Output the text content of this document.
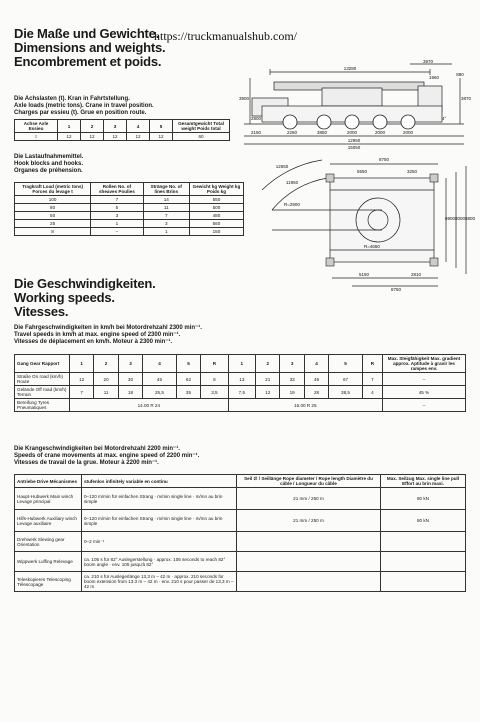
https://truckmanualshub.com/
Die Maße und Gewichte.
Dimensions and weights.
Encombrement et poids.
Die Achslasten (t). Kran in Fahrtstellung.
Axle loads (metric tons). Crane in travel position.
Charges par essieu (t). Grue en position route.
Achse Axle Essieu	1	2	3	4	5	Gesamtgewicht Total weight Poids total
t	12	12	12	12	12	60
Die Lastaufnahmemittel.
Hook blocks and hooks.
Organes de préhension.
Tragkraft Load (metric tons) Forces du levage t	Rollen No. of sheaves Poulies	Stränge No. of lines Brins	Gewicht kg Weight kg Poids kg
100	7	14	550
80	5	11	500
50	3	7	480
25	1	3	560
8	–	1	150
13280
3970
1960
880
2800
2150	2260	3850	2000	2000	2000
3900
12950
15050
4°
3870
12650
8750
5550	3250
11950
R=2900
R=4650
8800
8000
6900
5150	2810
8750
Die Geschwindigkeiten.
Working speeds.
Vitesses.
Die Fahrgeschwindigkeiten in km/h bei Motordrehzahl 2300 min⁻¹.
Travel speeds in km/h at max. engine speed of 2300 min⁻¹.
Vitesses de déplacement en km/h. Moteur à 2300 min⁻¹.
Gang Gear Rapport	1	2	3	4	5	R	1	2	3	4	5	R	Max. Steigfähigkeit Max. gradient approx. Aptitude à gravir les rampes env.
Straße On road (km/h) Route	12	20	30	45	62	6	13	21	33	49	67	7	–
Gelände Off road (km/h) Terrain	7	11	18	25,5	35	3,5	7,5	12	19	28	38,5	4	45 %
Bereifung Tyres Pneumatiques	14.00 R 24						16.00 R 25						–
Die Krangeschwindigkeiten bei Motordrehzahl 2200 min⁻¹.
Speeds of crane movements at max. engine speed of 2200 min⁻¹.
Vitesses de travail de la grue. Moteur à 2200 min⁻¹.
Antriebe Drive Mécanismes	stufenlos infinitely variable en continu	Seil ∅ / Seillänge Rope diameter / Rope length Diamètre du câble / Longueur du câble	Max. Seilzug Max. single line pull Effort au brin maxi.
Haupt-Hubwerk Main winch Levage principal	0–120 m/min für einfachen Strang · m/min single line · m/mn au brin simple	21 mm / 250 m	80 kN
Hilfs-Hubwerk Auxiliary winch Levage auxiliaire	0–120 m/min für einfachen Strang · m/min single line · m/mn au brin simple	21 mm / 250 m	80 kN
Drehwerk Slewing gear Orientation	0–2 min⁻¹		
Wippwerk Luffing Relevage	ca. 105 s für 82° Auslegerstellung · approx. 105 seconds to reach 82° boom angle · env. 105 jusqu'à 82°		
Teleskopieren Telescoping Télescopage	ca. 210 s für Auslegerlänge 13,3 m – 42 m · approx. 210 seconds for boom extension from 13.3 m – 42 m · env. 210 s pour passer de 13,3 m – 42 m		
